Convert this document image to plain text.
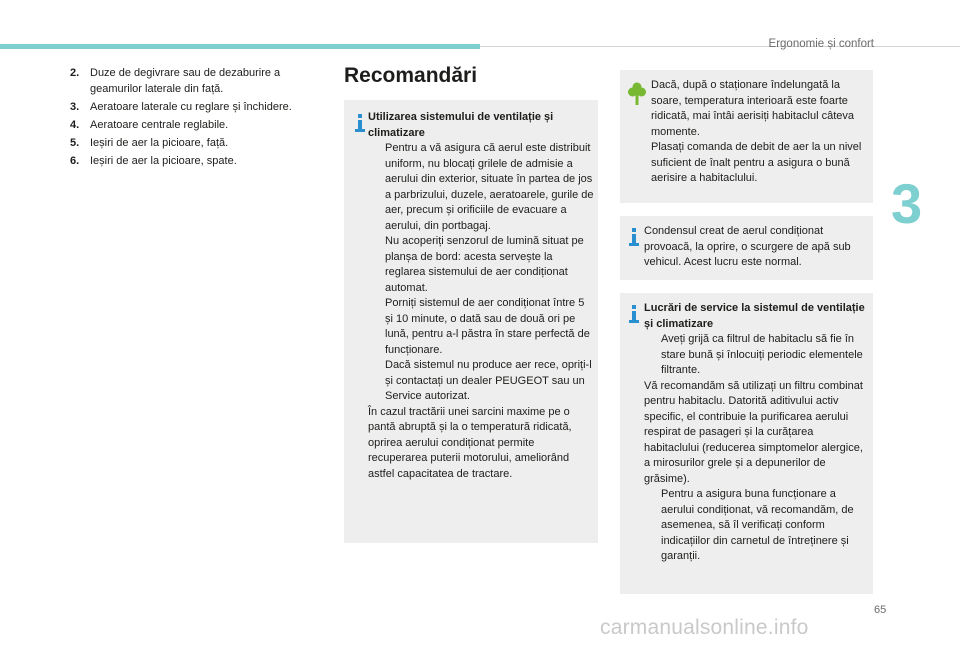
Ergonomie și confort
3
2. Duze de degivrare sau de dezaburire a geamurilor laterale din față.
3. Aeratoare laterale cu reglare și închidere.
4. Aeratoare centrale reglabile.
5. Ieșiri de aer la picioare, față.
6. Ieșiri de aer la picioare, spate.
Recomandări
Utilizarea sistemului de ventilație și climatizare
Pentru a vă asigura că aerul este distribuit uniform, nu blocați grilele de admisie a aerului din exterior, situate în partea de jos a parbrizului, duzele, aeratoarele, gurile de aer, precum și orificiile de evacuare a aerului, din portbagaj.
Nu acoperiți senzorul de lumină situat pe planșa de bord: acesta servește la reglarea sistemului de aer condiționat automat.
Porniți sistemul de aer condiționat între 5 și 10 minute, o dată sau de două ori pe lună, pentru a-l păstra în stare perfectă de funcționare.
Dacă sistemul nu produce aer rece, opriți-l și contactați un dealer PEUGEOT sau un Service autorizat.
În cazul tractării unei sarcini maxime pe o pantă abruptă și la o temperatură ridicată, oprirea aerului condiționat permite recuperarea puterii motorului, ameliorând astfel capacitatea de tractare.
Dacă, după o staționare îndelungată la soare, temperatura interioară este foarte ridicată, mai întâi aerisiți habitaclul câteva momente.
Plasați comanda de debit de aer la un nivel suficient de înalt pentru a asigura o bună aerisire a habitaclului.
Condensul creat de aerul condiționat provoacă, la oprire, o scurgere de apă sub vehicul. Acest lucru este normal.
Lucrări de service la sistemul de ventilație și climatizare
Aveți grijă ca filtrul de habitaclu să fie în stare bună și înlocuiți periodic elementele filtrante.
Vă recomandăm să utilizați un filtru combinat pentru habitaclu. Datorită aditivului activ specific, el contribuie la purificarea aerului respirat de pasageri și la curățarea habitaclului (reducerea simptomelor alergice, a mirosurilor grele și a depunerilor de grăsime).
Pentru a asigura buna funcționare a aerului condiționat, vă recomandăm, de asemenea, să îl verificați conform indicațiilor din carnetul de întreținere și garanții.
65
carmanualsonline.info
